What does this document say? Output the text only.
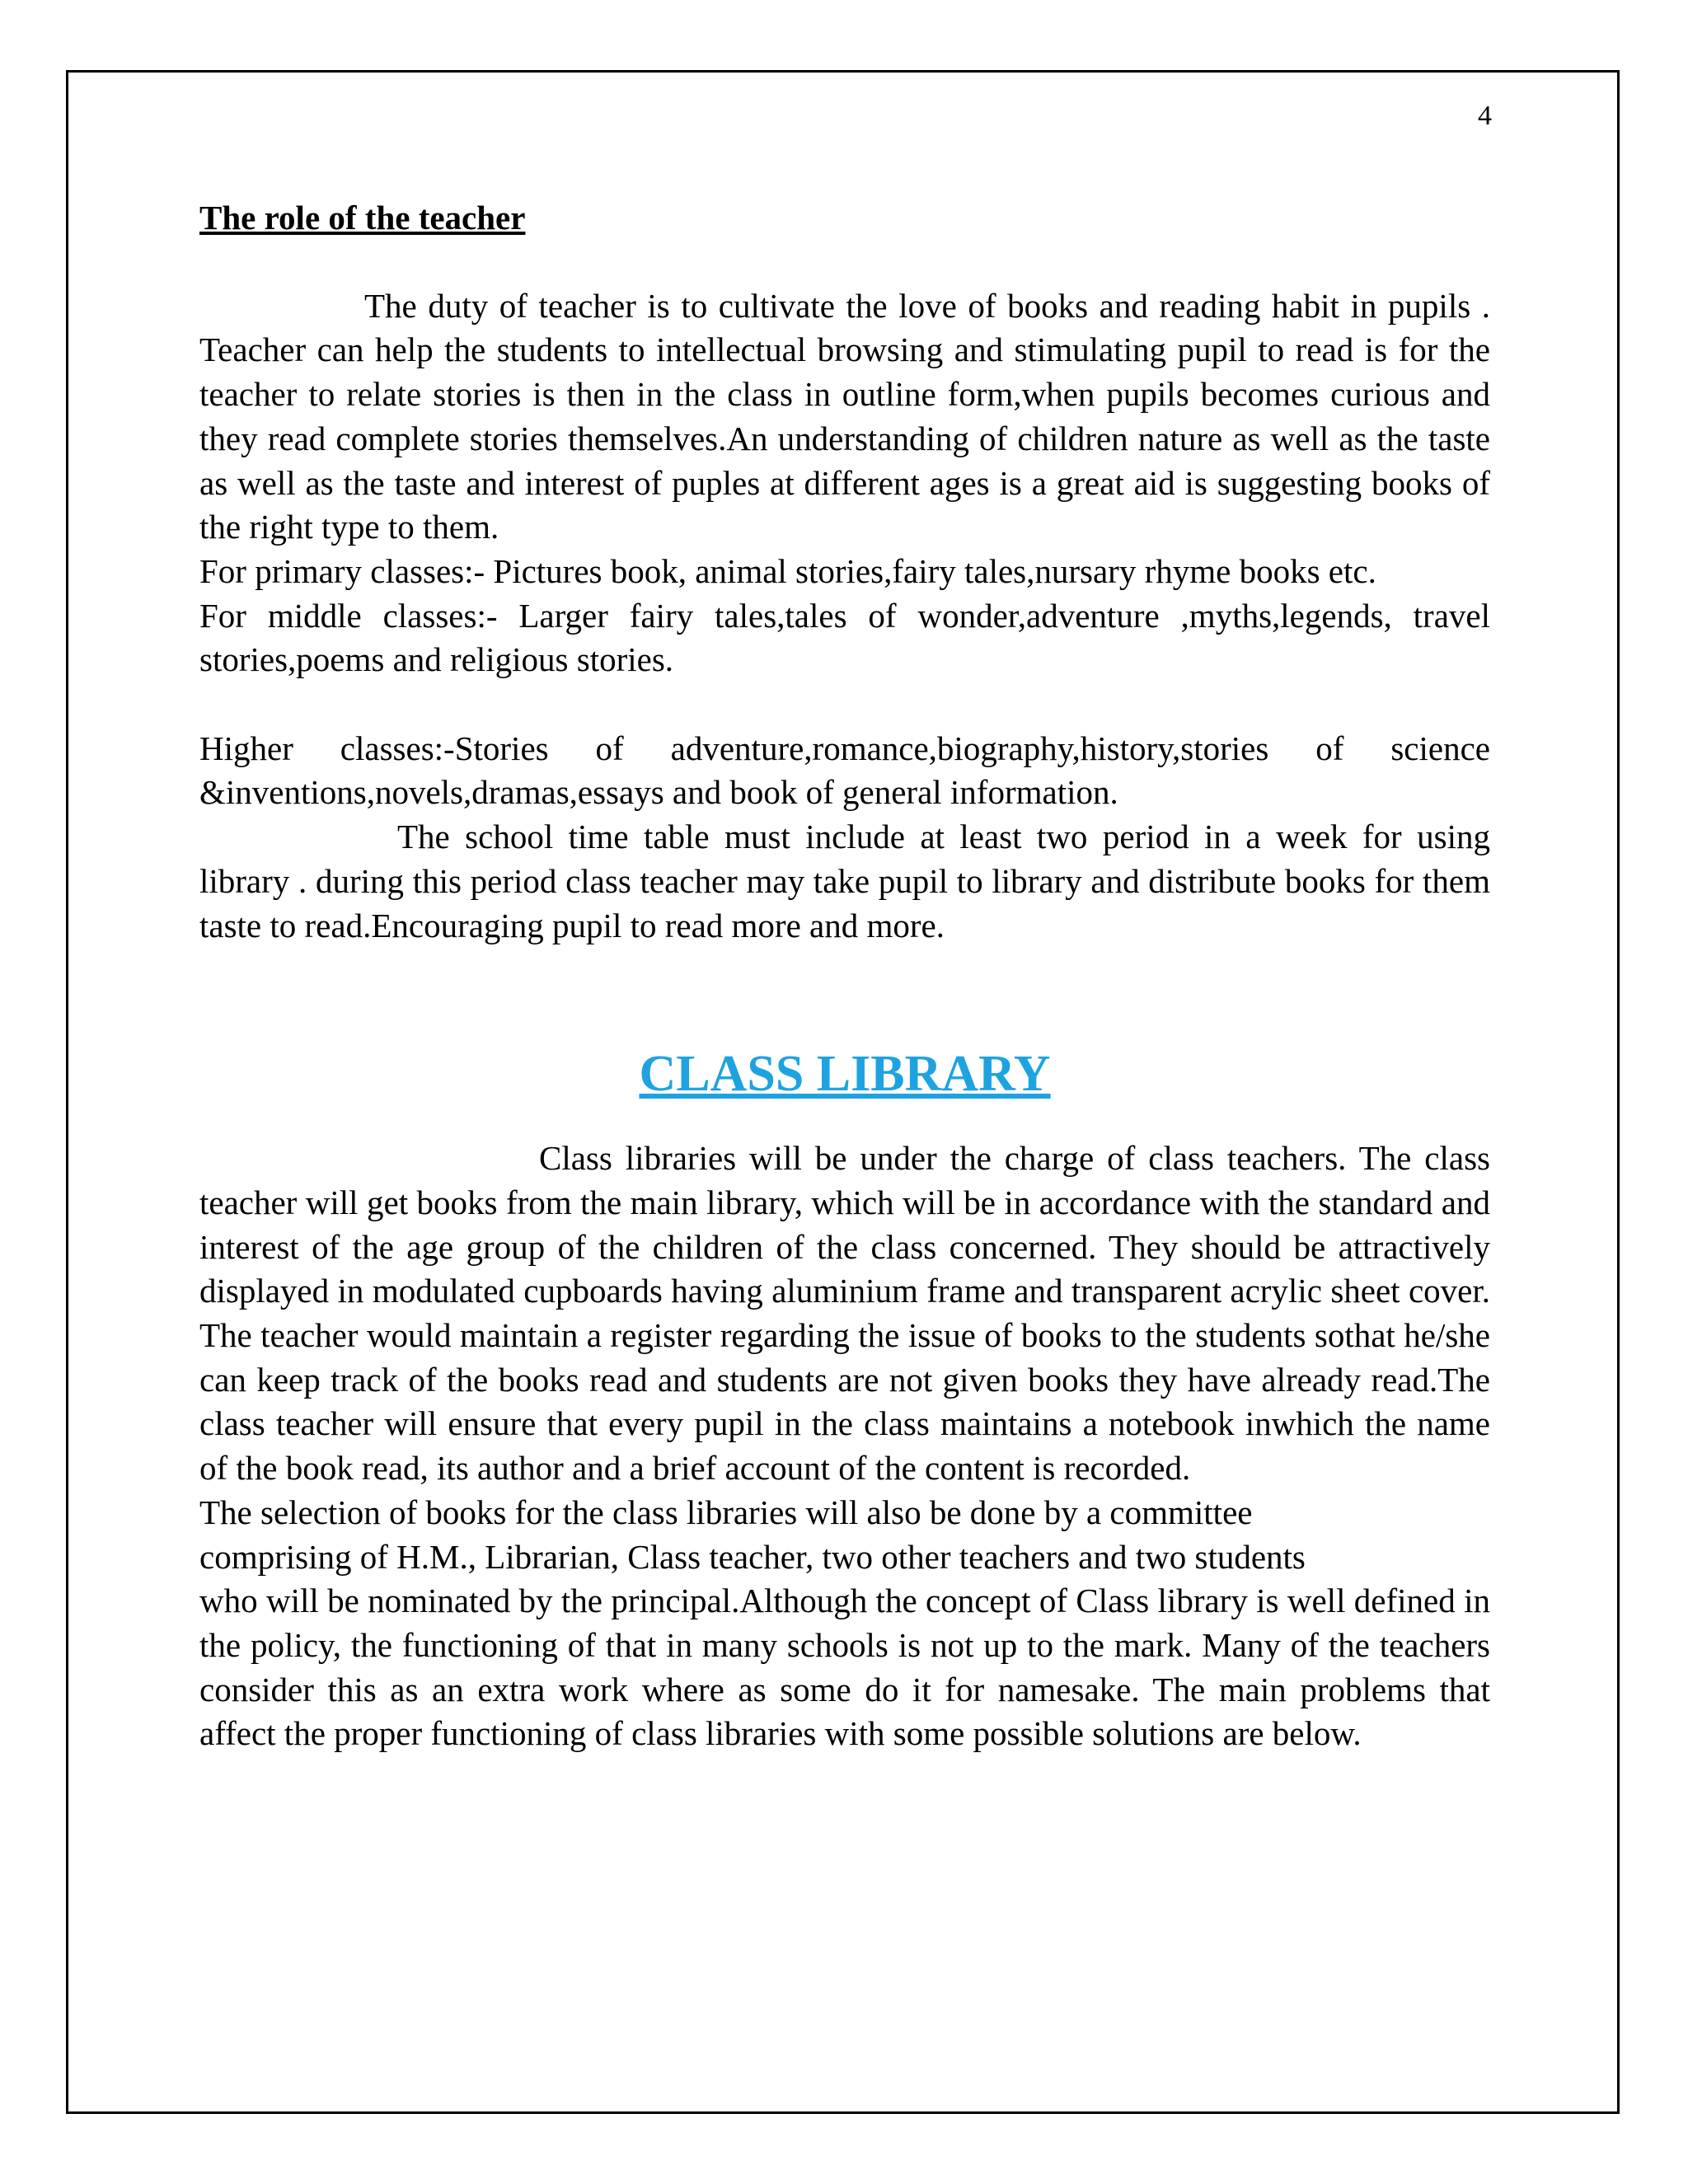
4
The role of the teacher

The duty of teacher is to cultivate the love of books and reading habit in pupils . Teacher can help the students to intellectual browsing and stimulating pupil to read is for the teacher to relate stories is then in the class in outline form,when pupils becomes curious and they read complete stories themselves.An understanding of children nature as well as the taste as well as the taste and interest of puples at different ages is a great aid is suggesting books of the right type to them.

For primary classes:- Pictures book, animal stories,fairy tales,nursary rhyme books etc.

For middle classes:- Larger fairy tales,tales of wonder,adventure ,myths,legends, travel stories,poems and religious stories.

Higher classes:-Stories of adventure,romance,biography,history,stories of science &inventions,novels,dramas,essays and book of general information.

The school time table must include at least two period in a week for using library . during this period class teacher may take pupil to library and distribute books for them taste to read.Encouraging pupil to read more and more.

CLASS LIBRARY

Class libraries will be under the charge of class teachers. The class teacher will get books from the main library, which will be in accordance with the standard and interest of the age group of the children of the class concerned. They should be attractively displayed in modulated cupboards having aluminium frame and transparent acrylic sheet cover. The teacher would maintain a register regarding the issue of books to the students sothat he/she can keep track of the books read and students are not given books they have already read.The class teacher will ensure that every pupil in the class maintains a notebook inwhich the name of the book read, its author and a brief account of the content is recorded.

The selection of books for the class libraries will also be done by a committee

comprising of H.M., Librarian, Class teacher, two other teachers and two students

who will be nominated by the principal.Although the concept of Class library is well defined in the policy, the functioning of that in many schools is not up to the mark. Many of the teachers consider this as an extra work where as some do it for namesake. The main problems that affect the proper functioning of class libraries with some possible solutions are below.
